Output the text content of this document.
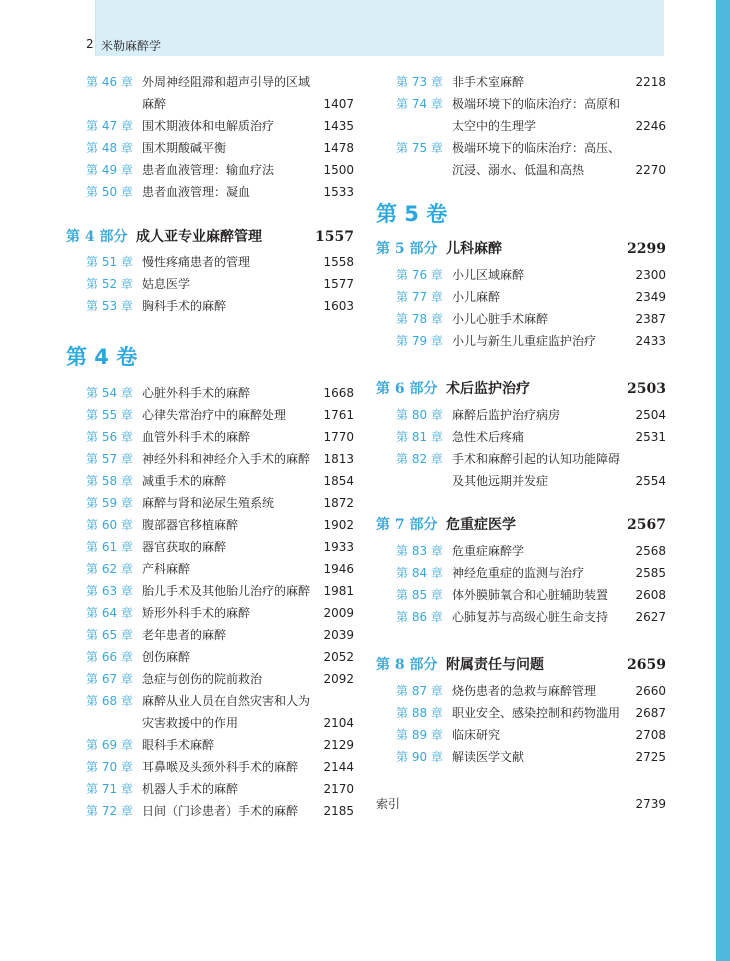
2 米勒麻醉学
第 46 章 外周神经阻滞和超声引导的区域
麻醉	1407
第 47 章 围术期液体和电解质治疗	1435
第 48 章 围术期酸碱平衡	1478
第 49 章 患者血液管理：输血疗法	1500
第 50 章 患者血液管理：凝血	1533
第 4 部分 成人亚专业麻醉管理	1557
第 51 章 慢性疼痛患者的管理	1558
第 52 章 姑息医学	1577
第 53 章 胸科手术的麻醉	1603
第 4 卷
第 54 章 心脏外科手术的麻醉	1668
第 55 章 心律失常治疗中的麻醉处理	1761
第 56 章 血管外科手术的麻醉	1770
第 57 章 神经外科和神经介入手术的麻醉 1813
第 58 章 减重手术的麻醉	1854
第 59 章 麻醉与肾和泌尿生殖系统	1872
第 60 章 腹部器官移植麻醉	1902
第 61 章 器官获取的麻醉	1933
第 62 章 产科麻醉	1946
第 63 章 胎儿手术及其他胎儿治疗的麻醉 1981
第 64 章 矫形外科手术的麻醉	2009
第 65 章 老年患者的麻醉	2039
第 66 章 创伤麻醉	2052
第 67 章 急症与创伤的院前救治	2092
第 68 章 麻醉从业人员在自然灾害和人为
灾害救援中的作用	2104
第 69 章 眼科手术麻醉	2129
第 70 章 耳鼻喉及头颈外科手术的麻醉 2144
第 71 章 机器人手术的麻醉	2170
第 72 章 日间（门诊患者）手术的麻醉 2185
第 73 章 非手术室麻醉	2218
第 74 章 极端环境下的临床治疗：高原和
太空中的生理学	2246
第 75 章 极端环境下的临床治疗：高压、
沉浸、溺水、低温和高热	2270
第 5 卷
第 5 部分 儿科麻醉	2299
第 76 章 小儿区域麻醉	2300
第 77 章 小儿麻醉	2349
第 78 章 小儿心脏手术麻醉	2387
第 79 章 小儿与新生儿重症监护治疗	2433
第 6 部分 术后监护治疗	2503
第 80 章 麻醉后监护治疗病房	2504
第 81 章 急性术后疼痛	2531
第 82 章 手术和麻醉引起的认知功能障碍
及其他远期并发症	2554
第 7 部分 危重症医学	2567
第 83 章 危重症麻醉学	2568
第 84 章 神经危重症的监测与治疗	2585
第 85 章 体外膜肺氧合和心脏辅助装置 2608
第 86 章 心肺复苏与高级心脏生命支持 2627
第 8 部分 附属责任与问题	2659
第 87 章 烧伤患者的急救与麻醉管理	2660
第 88 章 职业安全、感染控制和药物滥用 2687
第 89 章 临床研究	2708
第 90 章 解读医学文献	2725
索引	2739
